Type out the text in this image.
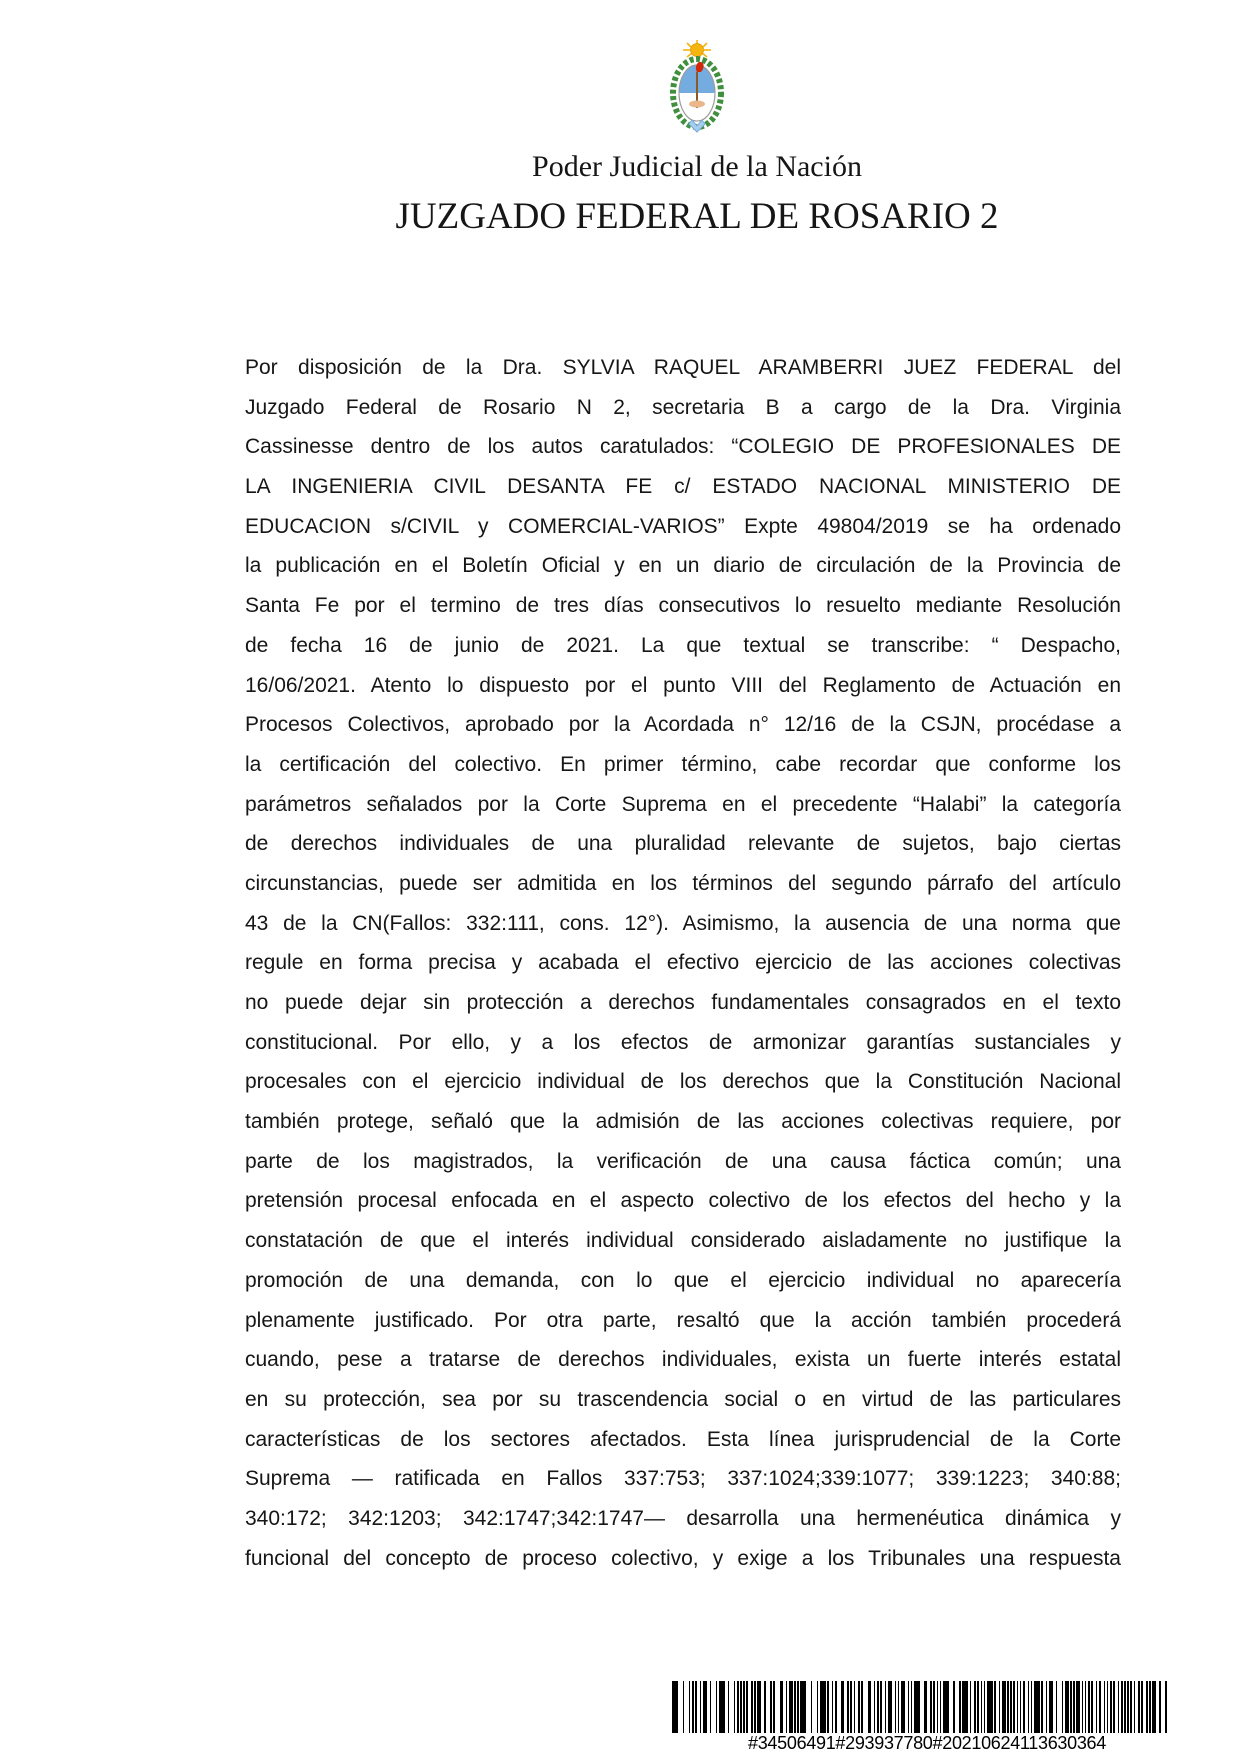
Poder Judicial de la Nación
JUZGADO FEDERAL DE ROSARIO 2
Por disposición de la Dra. SYLVIA RAQUEL ARAMBERRI JUEZ FEDERAL del
Juzgado Federal de Rosario N 2, secretaria B a cargo de la Dra. Virginia
Cassinesse dentro de los autos caratulados: “COLEGIO DE PROFESIONALES DE
LA INGENIERIA CIVIL DESANTA FE c/ ESTADO NACIONAL MINISTERIO DE
EDUCACION s/CIVIL y COMERCIAL-VARIOS” Expte 49804/2019 se ha ordenado
la publicación en el Boletín Oficial y en un diario de circulación de la Provincia de
Santa Fe por el termino de tres días consecutivos lo resuelto mediante Resolución
de fecha 16 de junio de 2021. La que textual se transcribe: “ Despacho,
16/06/2021. Atento lo dispuesto por el punto VIII del Reglamento de Actuación en
Procesos Colectivos, aprobado por la Acordada n° 12/16 de la CSJN, procédase a
la certificación del colectivo. En primer término, cabe recordar que conforme los
parámetros señalados por la Corte Suprema en el precedente “Halabi” la categoría
de derechos individuales de una pluralidad relevante de sujetos, bajo ciertas
circunstancias, puede ser admitida en los términos del segundo párrafo del artículo
43 de la CN(Fallos: 332:111, cons. 12°). Asimismo, la ausencia de una norma que
regule en forma precisa y acabada el efectivo ejercicio de las acciones colectivas
no puede dejar sin protección a derechos fundamentales consagrados en el texto
constitucional. Por ello, y a los efectos de armonizar garantías sustanciales y
procesales con el ejercicio individual de los derechos que la Constitución Nacional
también protege, señaló que la admisión de las acciones colectivas requiere, por
parte de los magistrados, la verificación de una causa fáctica común; una
pretensión procesal enfocada en el aspecto colectivo de los efectos del hecho y la
constatación de que el interés individual considerado aisladamente no justifique la
promoción de una demanda, con lo que el ejercicio individual no aparecería
plenamente justificado. Por otra parte, resaltó que la acción también procederá
cuando, pese a tratarse de derechos individuales, exista un fuerte interés estatal
en su protección, sea por su trascendencia social o en virtud de las particulares
características de los sectores afectados. Esta línea jurisprudencial de la Corte
Suprema — ratificada en Fallos 337:753; 337:1024;339:1077; 339:1223; 340:88;
340:172; 342:1203; 342:1747;342:1747— desarrolla una hermenéutica dinámica y
funcional del concepto de proceso colectivo, y exige a los Tribunales una respuesta
#34506491#293937780#20210624113630364
